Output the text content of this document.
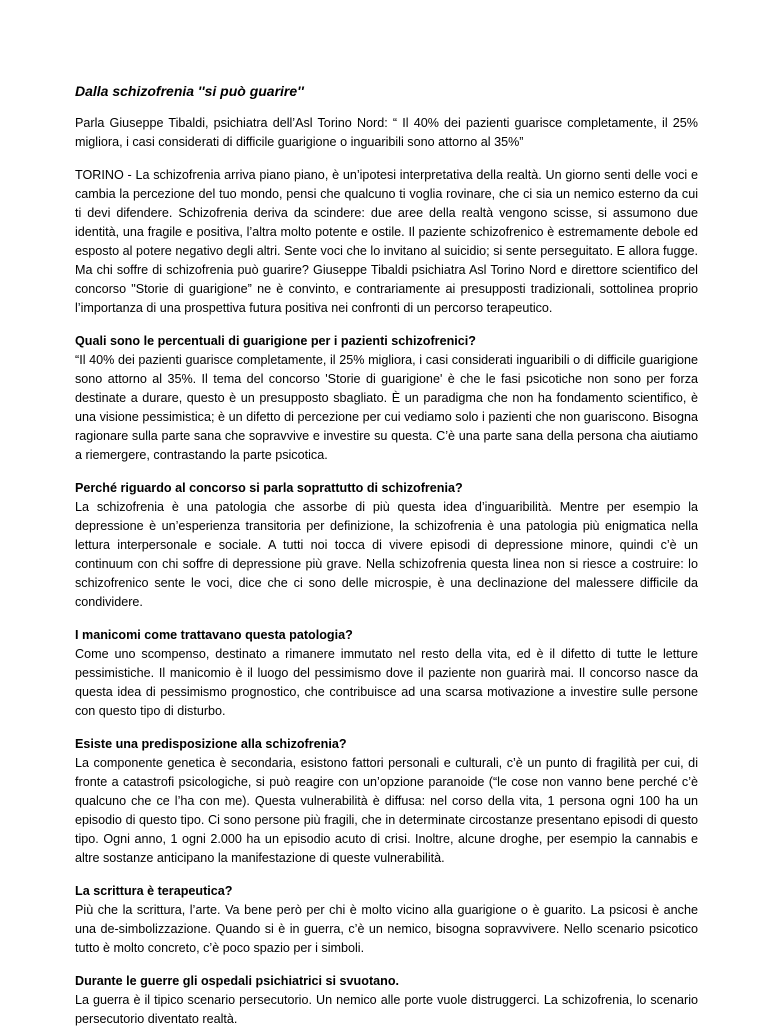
Dalla schizofrenia ''si può guarire''

Parla Giuseppe Tibaldi, psichiatra dell’Asl Torino Nord: “ Il 40% dei pazienti guarisce completamente, il 25% migliora, i casi considerati di difficile guarigione o inguaribili sono attorno al 35%”

TORINO - La schizofrenia arriva piano piano, è un’ipotesi interpretativa della realtà. Un giorno senti delle voci e cambia la percezione del tuo mondo, pensi che qualcuno ti voglia rovinare, che ci sia un nemico esterno da cui ti devi difendere. Schizofrenia deriva da scindere: due aree della realtà vengono scisse, si assumono due identità, una fragile e positiva, l’altra molto potente e ostile. Il paziente schizofrenico è estremamente debole ed esposto al potere negativo degli altri. Sente voci che lo invitano al suicidio; si sente perseguitato. E allora fugge. Ma chi soffre di schizofrenia può guarire? Giuseppe Tibaldi psichiatra Asl Torino Nord e direttore scientifico del concorso "Storie di guarigione” ne è convinto, e contrariamente ai presupposti tradizionali, sottolinea proprio l’importanza di una prospettiva futura positiva nei confronti di un percorso terapeutico.

Quali sono le percentuali di guarigione per i pazienti schizofrenici?

“Il 40% dei pazienti guarisce completamente, il 25% migliora, i casi considerati inguaribili o di difficile guarigione sono attorno al 35%. Il tema del concorso 'Storie di guarigione' è che le fasi psicotiche non sono per forza destinate a durare, questo è un presupposto sbagliato. È un paradigma che non ha fondamento scientifico, è una visione pessimistica; è un difetto di percezione per cui vediamo solo i pazienti che non guariscono. Bisogna ragionare sulla parte sana che sopravvive e investire su questa. C’è una parte sana della persona cha aiutiamo a riemergere, contrastando la parte psicotica.

Perché riguardo al concorso si parla soprattutto di schizofrenia?

La schizofrenia è una patologia che assorbe di più questa idea d’inguaribilità. Mentre per esempio la depressione è un’esperienza transitoria per definizione, la schizofrenia è una patologia più enigmatica nella lettura interpersonale e sociale. A tutti noi tocca di vivere episodi di depressione minore, quindi c’è un continuum con chi soffre di depressione più grave. Nella schizofrenia questa linea non si riesce a costruire: lo schizofrenico sente le voci, dice che ci sono delle microspie, è una declinazione del malessere difficile da condividere.

I manicomi come trattavano questa patologia?

Come uno scompenso, destinato a rimanere immutato nel resto della vita, ed è il difetto di tutte le letture pessimistiche. Il manicomio è il luogo del pessimismo dove il paziente non guarirà mai. Il concorso nasce da questa idea di pessimismo prognostico, che contribuisce ad una scarsa motivazione a investire sulle persone con questo tipo di disturbo.

Esiste una predisposizione alla schizofrenia?

La componente genetica è secondaria, esistono fattori personali e culturali, c’è un punto di fragilità per cui, di fronte a catastrofi psicologiche, si può reagire con un’opzione paranoide (“le cose non vanno bene perché c’è qualcuno che ce l’ha con me). Questa vulnerabilità è diffusa: nel corso della vita, 1 persona ogni 100 ha un episodio di questo tipo. Ci sono persone più fragili, che in determinate circostanze presentano episodi di questo tipo. Ogni anno, 1 ogni 2.000 ha un episodio acuto di crisi. Inoltre, alcune droghe, per esempio la cannabis e altre sostanze anticipano la manifestazione di queste vulnerabilità.

La scrittura è terapeutica?

Più che la scrittura, l’arte. Va bene però per chi è molto vicino alla guarigione o è guarito. La psicosi è anche una de-simbolizzazione. Quando si è in guerra, c’è un nemico, bisogna sopravvivere. Nello scenario psicotico tutto è molto concreto, c’è poco spazio per i simboli.

Durante le guerre gli ospedali psichiatrici si svuotano.

La guerra è il tipico scenario persecutorio. Un nemico alle porte vuole distruggerci. La schizofrenia, lo scenario persecutorio diventato realtà.
